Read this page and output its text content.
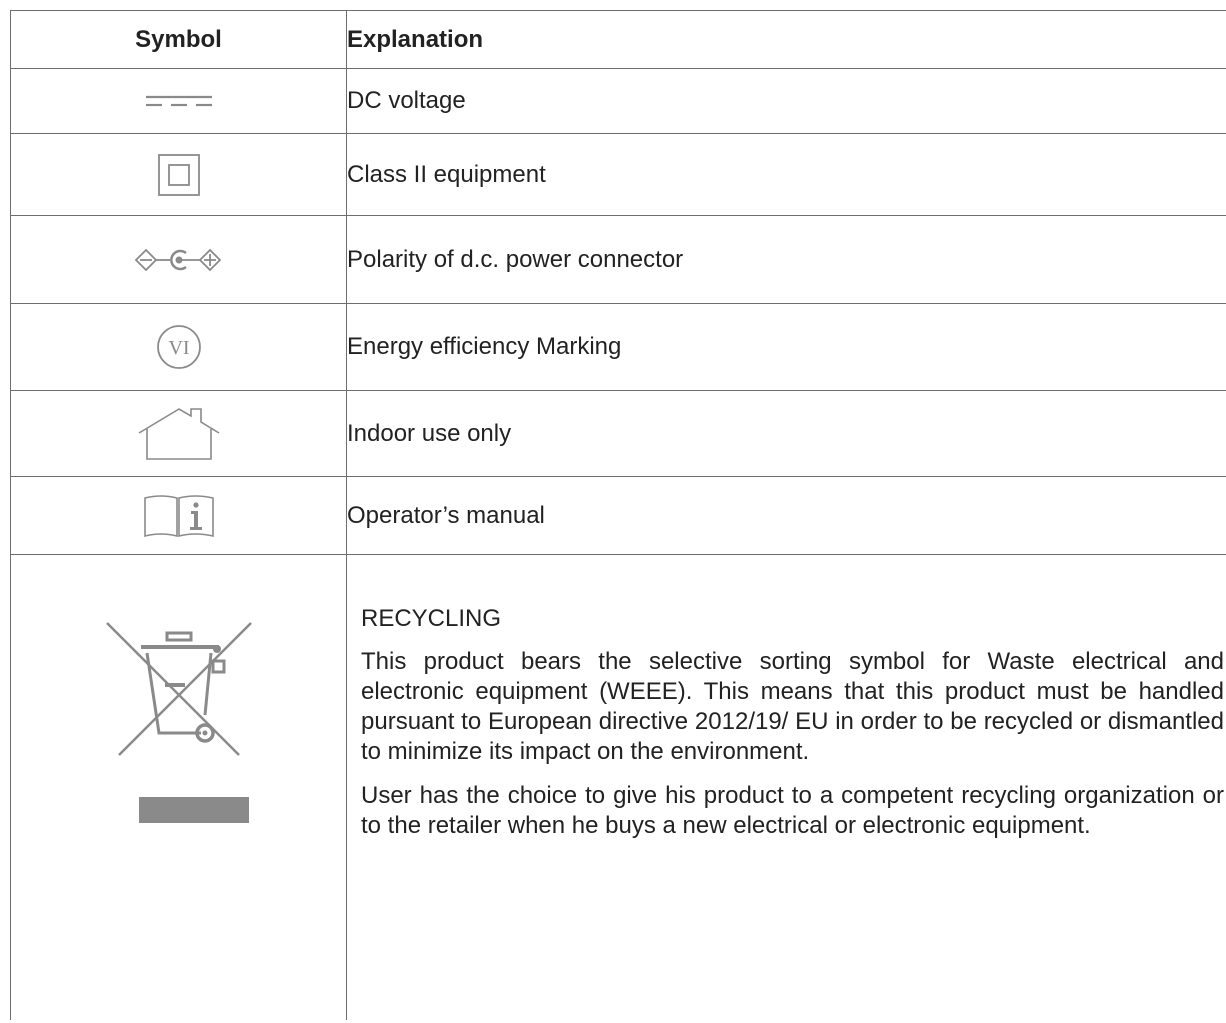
Symbol	Explanation
	DC voltage
	Class II equipment
	Polarity of d.c. power connector

VI	Energy efficiency Marking
	Indoor use only
	Operator’s manual

RECYCLING

This product bears the selective sorting symbol for Waste electrical and electronic equipment (WEEE). This means that this product must be handled pursuant to European directive 2012/19/ EU in order to be recycled or dismantled to minimize its impact on the environment.

User has the choice to give his product to a competent recycling organization or to the retailer when he buys a new electrical or electronic equipment.
